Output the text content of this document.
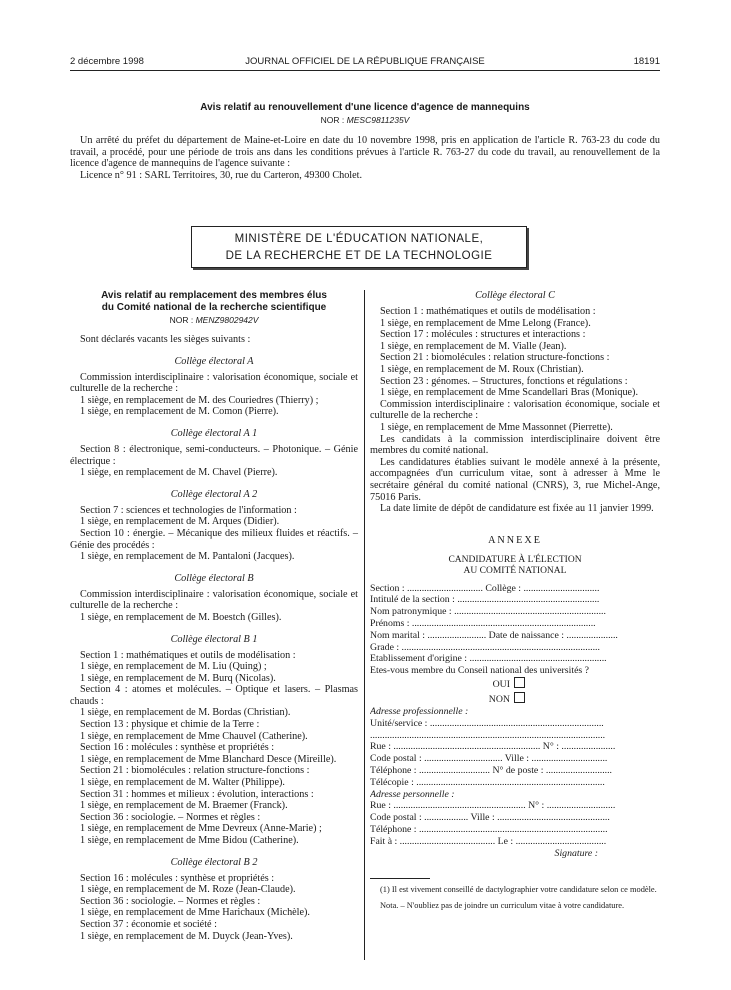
2 décembre 1998	JOURNAL OFFICIEL DE LA RÉPUBLIQUE FRANÇAISE	18191
Avis relatif au renouvellement d'une licence d'agence de mannequins
NOR : MESC9811235V

Un arrêté du préfet du département de Maine-et-Loire en date du 10 novembre 1998, pris en application de l'article R. 763-23 du code du travail, a procédé, pour une période de trois ans dans les conditions prévues à l'article R. 763-27 du code du travail, au renouvellement de la licence d'agence de mannequins de l'agence suivante :

Licence n° 91 : SARL Territoires, 30, rue du Carteron, 49300 Cholet.

MINISTÈRE DE L'ÉDUCATION NATIONALE,
DE LA RECHERCHE ET DE LA TECHNOLOGIE
Avis relatif au remplacement des membres élus
du Comité national de la recherche scientifique
NOR : MENZ9802942V

Sont déclarés vacants les sièges suivants :

Collège électoral A

Commission interdisciplinaire : valorisation économique, sociale et culturelle de la recherche :

1 siège, en remplacement de M. des Couriedres (Thierry) ;

1 siège, en remplacement de M. Comon (Pierre).

Collège électoral A 1

Section 8 : électronique, semi-conducteurs. – Photonique. – Génie électrique :

1 siège, en remplacement de M. Chavel (Pierre).

Collège électoral A 2

Section 7 : sciences et technologies de l'information :

1 siège, en remplacement de M. Arques (Didier).

Section 10 : énergie. – Mécanique des milieux fluides et réactifs. – Génie des procédés :

1 siège, en remplacement de M. Pantaloni (Jacques).

Collège électoral B

Commission interdisciplinaire : valorisation économique, sociale et culturelle de la recherche :

1 siège, en remplacement de M. Boestch (Gilles).

Collège électoral B 1

Section 1 : mathématiques et outils de modélisation :

1 siège, en remplacement de M. Liu (Quing) ;

1 siège, en remplacement de M. Burq (Nicolas).

Section 4 : atomes et molécules. – Optique et lasers. – Plasmas chauds :

1 siège, en remplacement de M. Bordas (Christian).

Section 13 : physique et chimie de la Terre :

1 siège, en remplacement de Mme Chauvel (Catherine).

Section 16 : molécules : synthèse et propriétés :

1 siège, en remplacement de Mme Blanchard Desce (Mireille).

Section 21 : biomolécules : relation structure-fonctions :

1 siège, en remplacement de M. Walter (Philippe).

Section 31 : hommes et milieux : évolution, interactions :

1 siège, en remplacement de M. Braemer (Franck).

Section 36 : sociologie. – Normes et règles :

1 siège, en remplacement de Mme Devreux (Anne-Marie) ;

1 siège, en remplacement de Mme Bidou (Catherine).

Collège électoral B 2

Section 16 : molécules : synthèse et propriétés :

1 siège, en remplacement de M. Roze (Jean-Claude).

Section 36 : sociologie. – Normes et règles :

1 siège, en remplacement de Mme Harichaux (Michèle).

Section 37 : économie et société :

1 siège, en remplacement de M. Duyck (Jean-Yves).

Collège électoral C

Section 1 : mathématiques et outils de modélisation :

1 siège, en remplacement de Mme Lelong (France).

Section 17 : molécules : structures et interactions :

1 siège, en remplacement de M. Vialle (Jean).

Section 21 : biomolécules : relation structure-fonctions :

1 siège, en remplacement de M. Roux (Christian).

Section 23 : génomes. – Structures, fonctions et régulations :

1 siège, en remplacement de Mme Scandellari Bras (Monique).

Commission interdisciplinaire : valorisation économique, sociale et culturelle de la recherche :

1 siège, en remplacement de Mme Massonnet (Pierrette).

Les candidats à la commission interdisciplinaire doivent être membres du comité national.

Les candidatures établies suivant le modèle annexé à la présente, accompagnées d'un curriculum vitae, sont à adresser à Mme le secrétaire général du comité national (CNRS), 3, rue Michel-Ange, 75016 Paris.

La date limite de dépôt de candidature est fixée au 11 janvier 1999.

ANNEXE
CANDIDATURE À L'ÉLECTION
AU COMITÉ NATIONAL
Section : ............................... Collège : ...............................
Intitulé de la section : ..........................................................
Nom patronymique : ..............................................................
Prénoms : ...........................................................................
Nom marital : ........................ Date de naissance : .....................
Grade : .................................................................................
Etablissement d'origine : ........................................................
Etes-vous membre du Conseil national des universités ?
OUI
NON
Adresse professionnelle :
Unité/service : .......................................................................
................................................................................................
Rue : ............................................................ N° : ......................
Code postal : ................................ Ville : ...............................
Téléphone : ............................. N° de poste : ...........................
Télécopie : .............................................................................
Adresse personnelle :
Rue : ...................................................... N° : ............................
Code postal : .................. Ville : ..............................................
Téléphone : .............................................................................
Fait à : ....................................... Le : .....................................
Signature :

(1) Il est vivement conseillé de dactylographier votre candidature selon ce modèle.

Nota. – N'oubliez pas de joindre un curriculum vitae à votre candidature.
